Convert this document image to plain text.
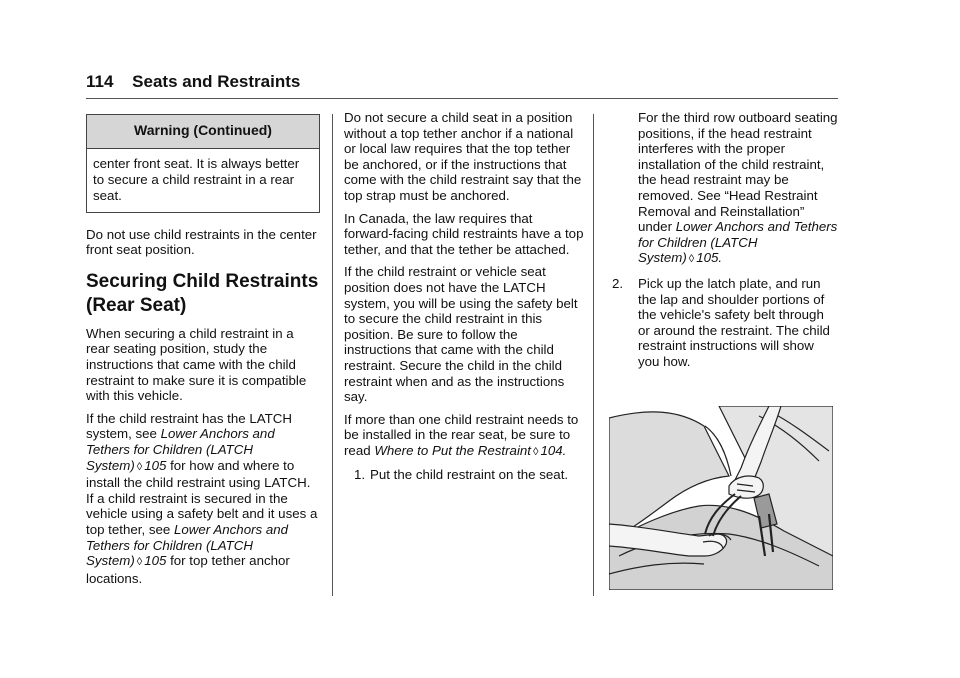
114 Seats and Restraints
Warning (Continued)
center front seat. It is always better to secure a child restraint in a rear seat.

Do not use child restraints in the center front seat position.

Securing Child Restraints (Rear Seat)

When securing a child restraint in a rear seating position, study the instructions that came with the child restraint to make sure it is compatible with this vehicle.

If the child restraint has the LATCH system, see Lower Anchors and Tethers for Children (LATCH System) ◊ 105 for how and where to install the child restraint using LATCH. If a child restraint is secured in the vehicle using a safety belt and it uses a top tether, see Lower Anchors and Tethers for Children (LATCH System) ◊ 105 for top tether anchor locations.

Do not secure a child seat in a position without a top tether anchor if a national or local law requires that the top tether be anchored, or if the instructions that come with the child restraint say that the top strap must be anchored.

In Canada, the law requires that forward-facing child restraints have a top tether, and that the tether be attached.

If the child restraint or vehicle seat position does not have the LATCH system, you will be using the safety belt to secure the child restraint in this position. Be sure to follow the instructions that came with the child restraint. Secure the child in the child restraint when and as the instructions say.

If more than one child restraint needs to be installed in the rear seat, be sure to read Where to Put the Restraint ◊ 104.

1. Put the child restraint on the seat.

For the third row outboard seating positions, if the head restraint interferes with the proper installation of the child restraint, the head restraint may be removed. See “Head Restraint Removal and Reinstallation” under Lower Anchors and Tethers for Children (LATCH System) ◊ 105.

2.	Pick up the latch plate, and run the lap and shoulder portions of the vehicle's safety belt through or around the restraint. The child restraint instructions will show you how.
